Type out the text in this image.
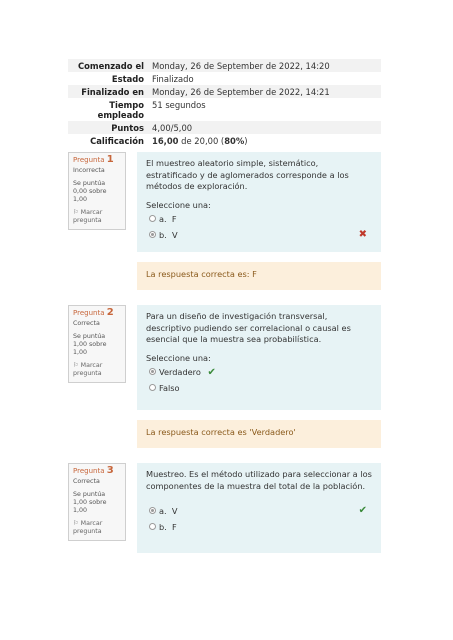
Comenzado el	Monday, 26 de September de 2022, 14:20
Estado	Finalizado
Finalizado en	Monday, 26 de September de 2022, 14:21
Tiempo empleado	51 segundos
Puntos	4,00/5,00
Calificación	16,00 de 20,00 (80%)
Pregunta 1
Incorrecta
Se puntúa 0,00 sobre 1,00
⚐ Marcar pregunta
El muestreo aleatorio simple, sistemático, estratificado y de aglomerados corresponde a los métodos de exploración.
Seleccione una:
a. F
b. V	✖
La respuesta correcta es: F
Pregunta 2
Correcta
Se puntúa 1,00 sobre 1,00
⚐ Marcar pregunta
Para un diseño de investigación transversal, descriptivo pudiendo ser correlacional o causal es esencial que la muestra sea probabilística.
Seleccione una:
Verdadero ✔
Falso
La respuesta correcta es 'Verdadero'
Pregunta 3
Correcta
Se puntúa 1,00 sobre 1,00
⚐ Marcar pregunta
Muestreo. Es el método utilizado para seleccionar a los componentes de la muestra del total de la población.
a. V	✔
b. F
